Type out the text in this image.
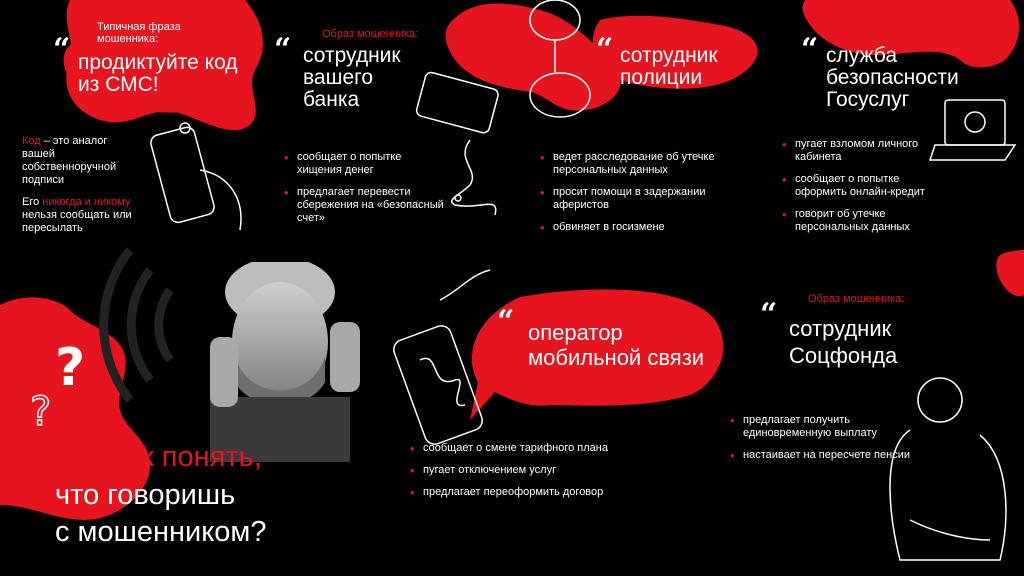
?
?
Типичная фраза мошенника:
“ продиктуйте код из СМС!
Код – это аналог вашей собственноручной подписи
Его никогда и никому нельзя сообщать или пересылать
Образ мошенника:
“ сотрудник вашего банка
• сообщает о попытке хищения денег
• предлагает перевести сбережения на «безопасный счет»
Образ мошенника:
“ сотрудник полиции
• ведет расследование об утечке персональных данных
• просит помощи в задержании аферистов
• обвиняет в госизмене
Образ мошенника:
“ служба безопасности Госуслуг
• пугает взломом личного кабинета
• сообщает о попытке оформить онлайн-кредит
• говорит об утечке персональных данных
Образ мошенника:
“ оператор мобильной связи
• сообщает о смене тарифного плана
• пугает отключением услуг
• предлагает переоформить договор
Образ мошенника:
“ сотрудник Соцфонда
• предлагает получить единовременную выплату
• настаивает на пересчете пенсии
Как понять,
что говоришь
с мошенником?
